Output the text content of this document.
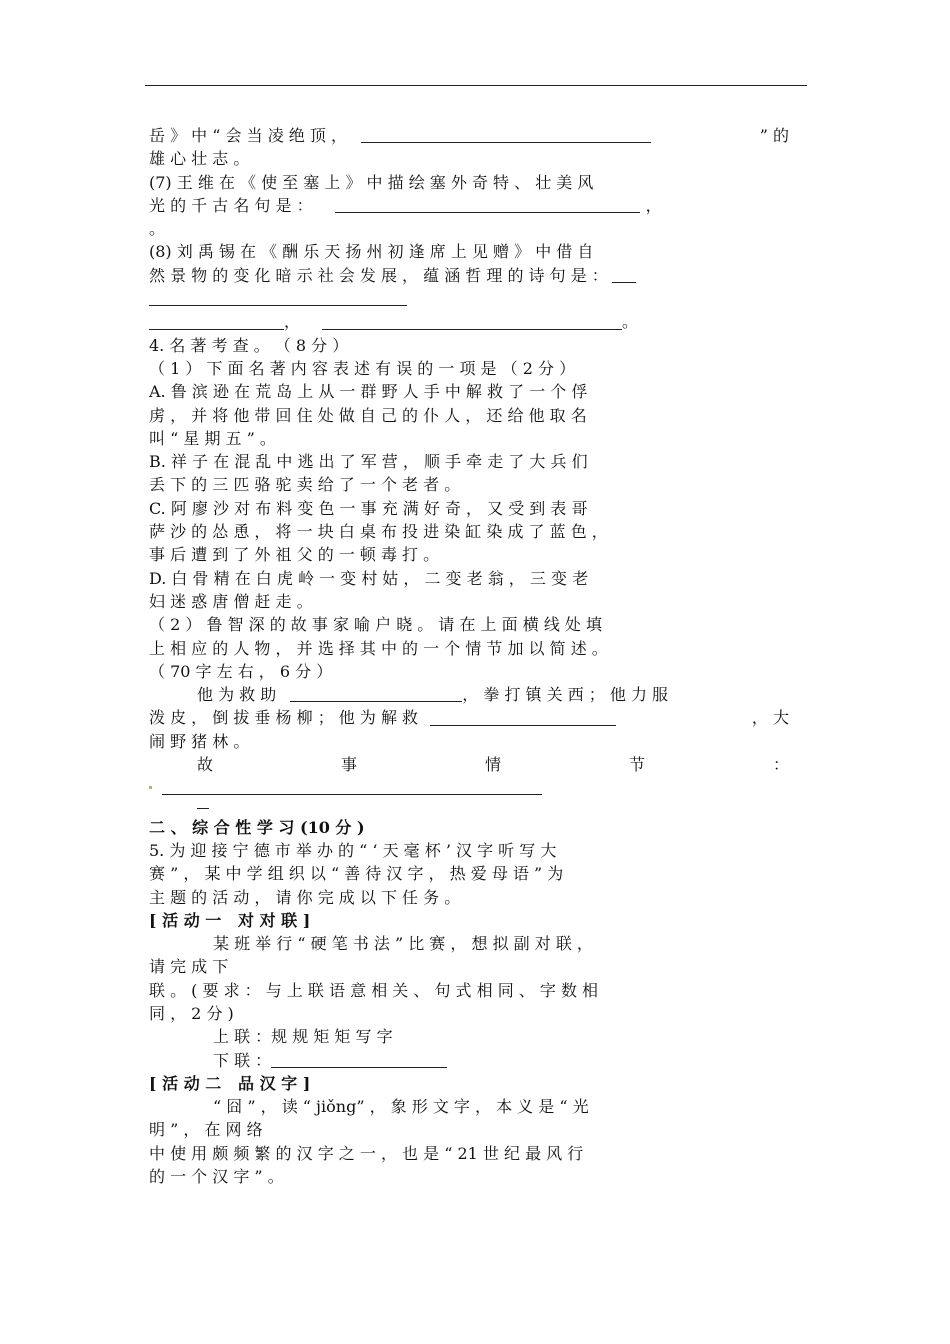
岳 》 中 “ 会 当 凌 绝 顶 ，	” 的
雄 心 壮 志 。
(7) 王 维 在 《 使 至 塞 上 》 中 描 绘 塞 外 奇 特 、 壮 美 风
光 的 千 古 名 句 是 ：	，
。
(8) 刘 禹 锡 在 《 酬 乐 天 扬 州 初 逢 席 上 见 赠 》 中 借 自
然 景 物 的 变 化 暗 示 社 会 发 展 ， 蕴 涵 哲 理 的 诗 句 是 ：
，	。
4. 名 著 考 查 。 （ 8 分 ）
（ 1 ） 下 面 名 著 内 容 表 述 有 误 的 一 项 是 （ 2 分 ）
A. 鲁 滨 逊 在 荒 岛 上 从 一 群 野 人 手 中 解 救 了 一 个 俘
虏 ， 并 将 他 带 回 住 处 做 自 己 的 仆 人 ， 还 给 他 取 名
叫 “ 星 期 五 ” 。
B. 祥 子 在 混 乱 中 逃 出 了 军 营 ， 顺 手 牵 走 了 大 兵 们
丢 下 的 三 匹 骆 驼 卖 给 了 一 个 老 者 。
C. 阿 廖 沙 对 布 料 变 色 一 事 充 满 好 奇 ， 又 受 到 表 哥
萨 沙 的 怂 恿 ， 将 一 块 白 桌 布 投 进 染 缸 染 成 了 蓝 色 ，
事 后 遭 到 了 外 祖 父 的 一 顿 毒 打 。
D. 白 骨 精 在 白 虎 岭 一 变 村 姑 ， 二 变 老 翁 ， 三 变 老
妇 迷 惑 唐 僧 赶 走 。
（ 2 ） 鲁 智 深 的 故 事 家 喻 户 晓 。 请 在 上 面 横 线 处 填
上 相 应 的 人 物 ， 并 选 择 其 中 的 一 个 情 节 加 以 简 述 。
（ 70 字 左 右 ， 6 分 ）
他 为 救 助	， 拳 打 镇 关 西 ； 他 力 服
泼 皮 ， 倒 拔 垂 杨 柳 ； 他 为 解 救	， 大
闹 野 猪 林 。
故	事	情	节	：
二 、 综 合 性 学 习 (10 分 )
5. 为 迎 接 宁 德 市 举 办 的 “ ‘ 天 毫 杯 ’ 汉 字 听 写 大
赛 ” ， 某 中 学 组 织 以 “ 善 待 汉 字 ， 热 爱 母 语 ” 为
主 题 的 活 动 ， 请 你 完 成 以 下 任 务 。
[ 活 动 一   对 对 联 ]
某 班 举 行 “ 硬 笔 书 法 ” 比 赛 ， 想 拟 副 对 联 ，
请 完 成 下
联 。 ( 要 求 ： 与 上 联 语 意 相 关 、 句 式 相 同 、 字 数 相
同 ， 2 分 )
上 联 ：规 规 矩 矩 写 字
下 联 ：
[ 活 动 二   品 汉 字 ]
“ 囧 ” ， 读 “ jiǒng” ， 象 形 文 字 ， 本 义 是 “ 光
明 ” ， 在 网 络
中 使 用 颇 频 繁 的 汉 字 之 一 ， 也 是 “ 21 世 纪 最 风 行
的 一 个 汉 字 ” 。
